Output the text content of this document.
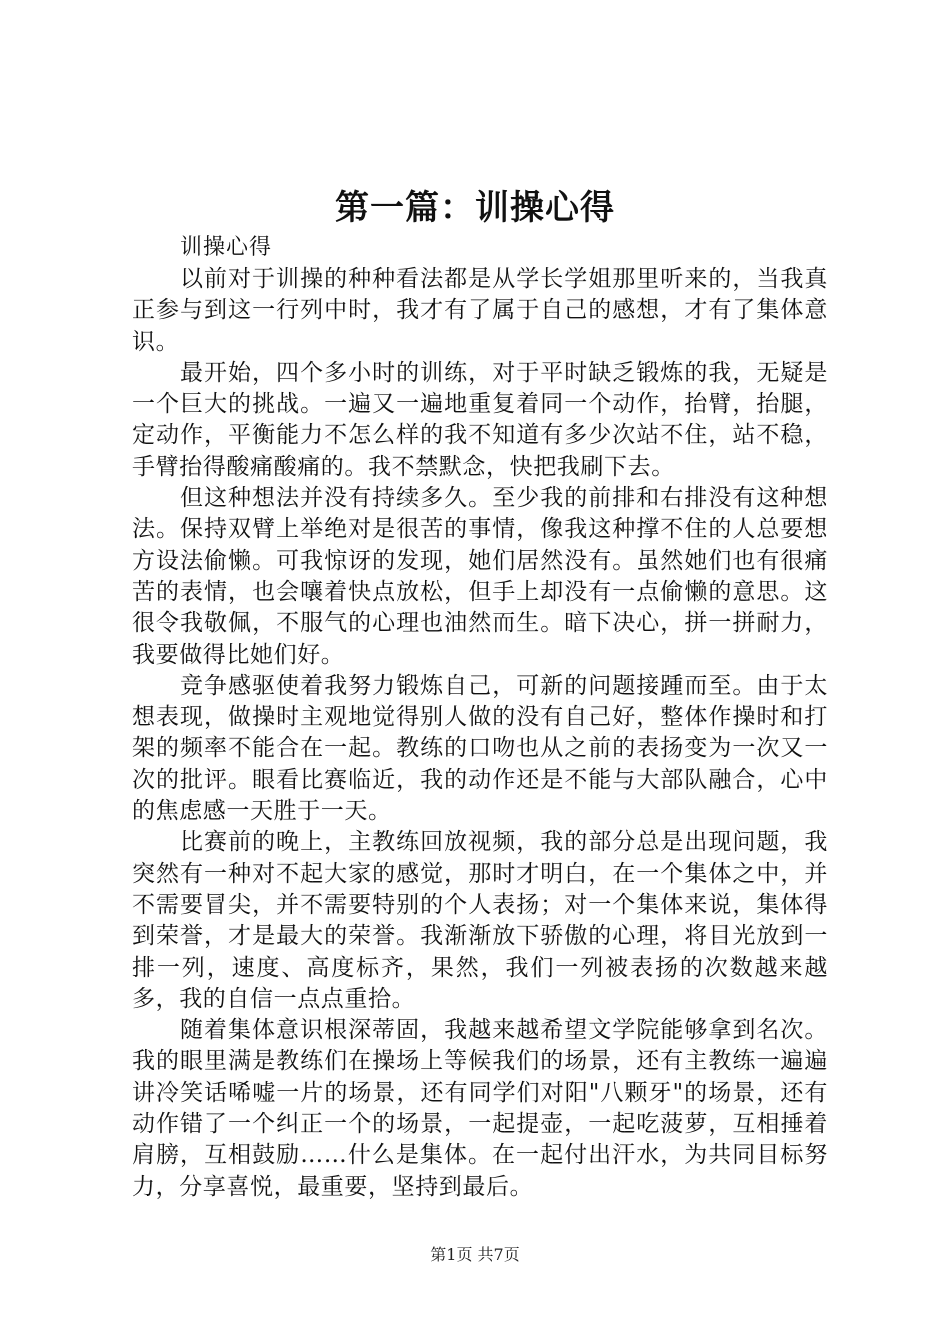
第一篇：训操心得

训操心得

以前对于训操的种种看法都是从学长学姐那里听来的，当我真正参与到这一行列中时，我才有了属于自己的感想，才有了集体意识。

最开始，四个多小时的训练，对于平时缺乏锻炼的我，无疑是一个巨大的挑战。一遍又一遍地重复着同一个动作，抬臂，抬腿，定动作，平衡能力不怎么样的我不知道有多少次站不住，站不稳，手臂抬得酸痛酸痛的。我不禁默念，快把我刷下去。

但这种想法并没有持续多久。至少我的前排和右排没有这种想法。保持双臂上举绝对是很苦的事情，像我这种撑不住的人总要想方设法偷懒。可我惊讶的发现，她们居然没有。虽然她们也有很痛苦的表情，也会嚷着快点放松，但手上却没有一点偷懒的意思。这很令我敬佩，不服气的心理也油然而生。暗下决心，拼一拼耐力，我要做得比她们好。

竞争感驱使着我努力锻炼自己，可新的问题接踵而至。由于太想表现，做操时主观地觉得别人做的没有自己好，整体作操时和打架的频率不能合在一起。教练的口吻也从之前的表扬变为一次又一次的批评。眼看比赛临近，我的动作还是不能与大部队融合，心中的焦虑感一天胜于一天。

比赛前的晚上，主教练回放视频，我的部分总是出现问题，我突然有一种对不起大家的感觉，那时才明白，在一个集体之中，并不需要冒尖，并不需要特别的个人表扬；对一个集体来说，集体得到荣誉，才是最大的荣誉。我渐渐放下骄傲的心理，将目光放到一排一列，速度、高度标齐，果然，我们一列被表扬的次数越来越多，我的自信一点点重拾。

随着集体意识根深蒂固，我越来越希望文学院能够拿到名次。我的眼里满是教练们在操场上等候我们的场景，还有主教练一遍遍讲冷笑话唏嘘一片的场景，还有同学们对阳"八颗牙"的场景，还有动作错了一个纠正一个的场景，一起提壶，一起吃菠萝，互相捶着肩膀，互相鼓励……什么是集体。在一起付出汗水，为共同目标努力，分享喜悦，最重要，坚持到最后。

第1页 共7页
